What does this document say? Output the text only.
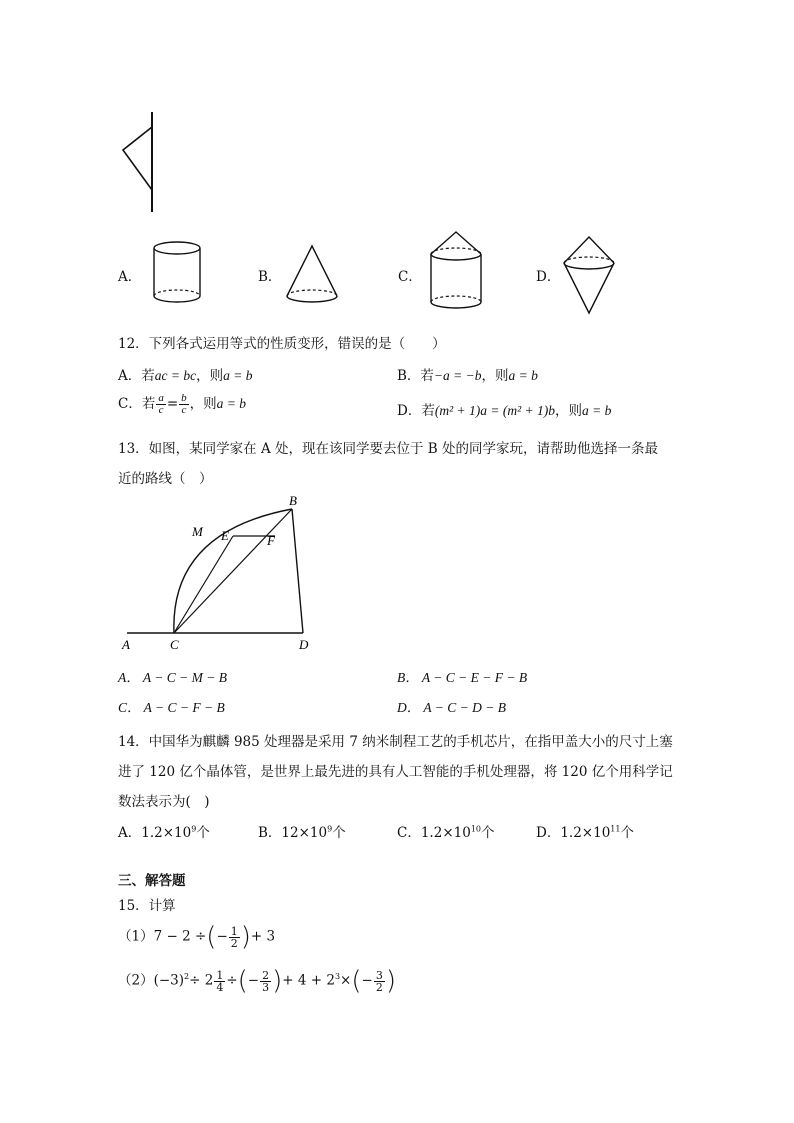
A．	B．	C．	D．
12．下列各式运用等式的性质变形，错误的是（　　）
A．若ac = bc，则a = b	B．若−a = −b，则a = b
C．若 $\frac{a}{c} = \frac{b}{c}$ ，则a = b	D．若(m² + 1)a = (m² + 1)b，则a = b
13．如图，某同学家在 A 处，现在该同学要去位于 B 处的同学家玩，请帮助他选择一条最
近的路线（　）
A	C	D
B
E	F
M
A． A − C − M − B	B． A − C − E − F − B
C． A − C − F − B	D． A − C − D − B
14．中国华为麒麟 985 处理器是采用 7 纳米制程工艺的手机芯片，在指甲盖大小的尺寸上塞
进了 120 亿个晶体管，是世界上最先进的具有人工智能的手机处理器，将 120 亿个用科学记
数法表示为(　)
A．$1.2\times 10^9$个	B．$12\times 10^9$个	C．$1.2\times 10^{10}$个	D．$1.2\times 10^{11}$个
三、解答题
15．计算
（1）7 − 2 ÷(− $\frac{1}{2}$ )+ 3
$(2)(-3)^2\div 2 \frac{1}{4}$ ÷(− $\frac{2}{3}$ )+ $4 + 2^3\times(- \frac{3}{2}$ )
